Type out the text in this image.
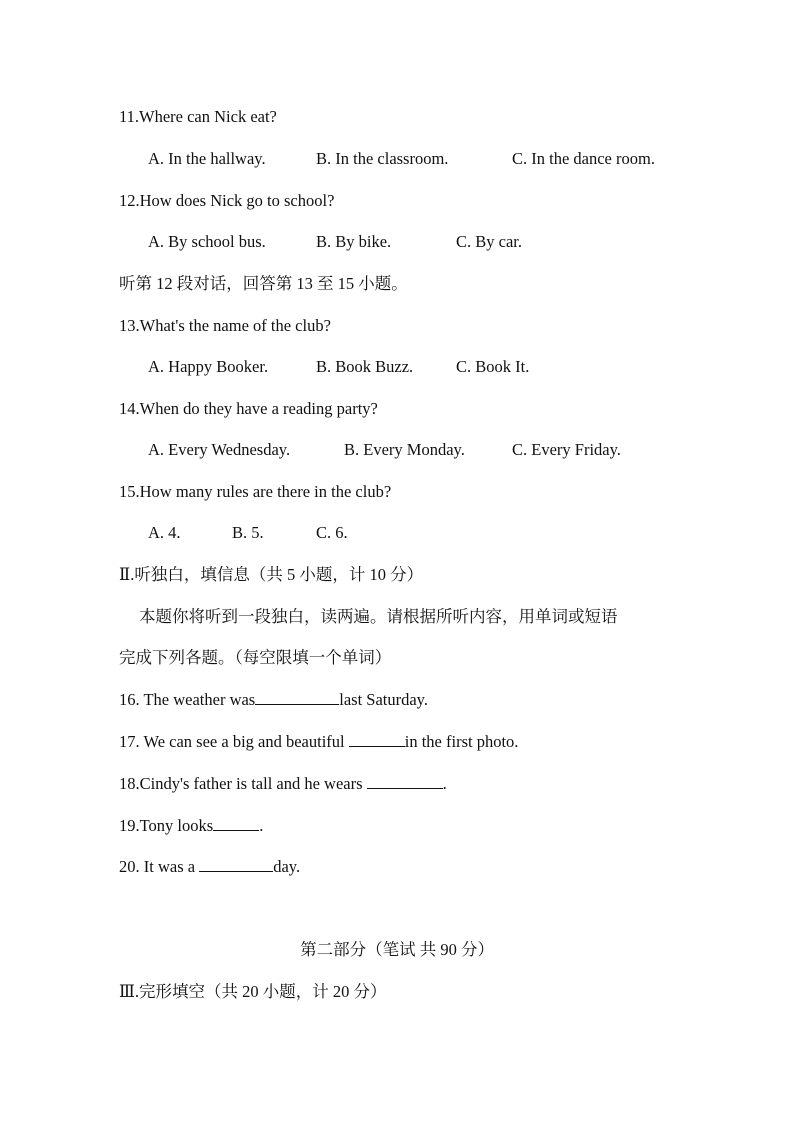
11.Where can Nick eat?
A. In the hallway.	B. In the classroom.	C. In the dance room.
12.How does Nick go to school?
A. By school bus.	B. By bike.	C. By car.
听第 12 段对话，回答第 13 至 15 小题。
13.What's the name of the club?
A. Happy Booker.	B. Book Buzz.	C. Book It.
14.When do they have a reading party?
A. Every Wednesday.	B. Every Monday.	C. Every Friday.
15.How many rules are there in the club?
A. 4.	B. 5.	C. 6.
Ⅱ.听独白，填信息（共 5 小题，计 10 分）
本题你将听到一段独白，读两遍。请根据所听内容，用单词或短语
完成下列各题。（每空限填一个单词）
16. The weather was	last Saturday.
17. We can see a big and beautiful	in the first photo.
18.Cindy's father is tall and he wears	.
19.Tony looks	.
20. It was a	day.
第二部分（笔试 共 90 分）
Ⅲ.完形填空（共 20 小题，计 20 分）
